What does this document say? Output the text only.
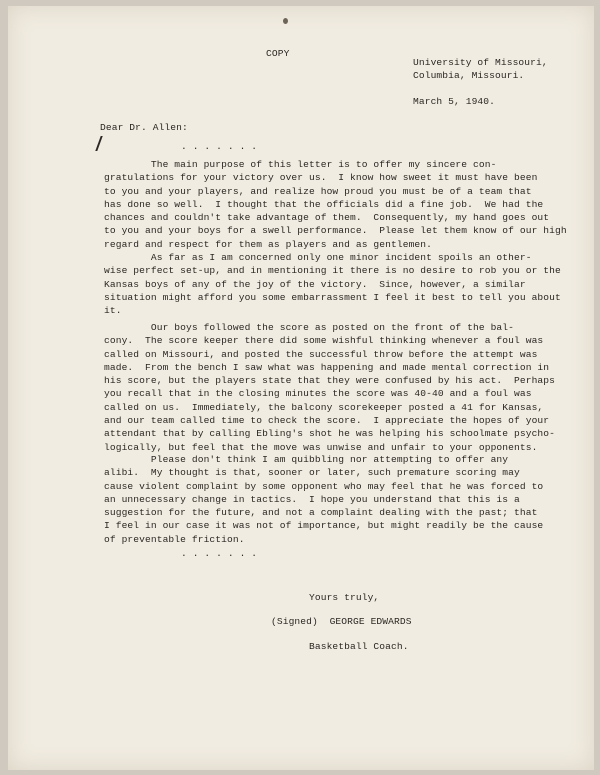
COPY

University of Missouri,

Columbia, Missouri.

March 5, 1940.

Dear Dr. Allen:

. . . . . . .

The main purpose of this letter is to offer my sincere con-
gratulations for your victory over us.  I know how sweet it must have been
to you and your players, and realize how proud you must be of a team that
has done so well.  I thought that the officials did a fine job.  We had the
chances and couldn't take advantage of them.  Consequently, my hand goes out
to you and your boys for a swell performance.  Please let them know of our high
regard and respect for them as players and as gentlemen.

As far as I am concerned only one minor incident spoils an other-
wise perfect set-up, and in mentioning it there is no desire to rob you or the
Kansas boys of any of the joy of the victory.  Since, however, a similar
situation might afford you some embarrassment I feel it best to tell you about
it.

Our boys followed the score as posted on the front of the bal-
cony.  The score keeper there did some wishful thinking whenever a foul was
called on Missouri, and posted the successful throw before the attempt was
made.  From the bench I saw what was happening and made mental correction in
his score, but the players state that they were confused by his act.  Perhaps
you recall that in the closing minutes the score was 40-40 and a foul was
called on us.  Immediately, the balcony scorekeeper posted a 41 for Kansas,
and our team called time to check the score.  I appreciate the hopes of your
attendant that by calling Ebling's shot he was helping his schoolmate psycho-
logically, but feel that the move was unwise and unfair to your opponents.

Please don't think I am quibbling nor attempting to offer any
alibi.  My thought is that, sooner or later, such premature scoring may
cause violent complaint by some opponent who may feel that he was forced to
an unnecessary change in tactics.  I hope you understand that this is a
suggestion for the future, and not a complaint dealing with the past; that
I feel in our case it was not of importance, but might readily be the cause
of preventable friction.

. . . . . . .

Yours truly,

(Signed)  GEORGE EDWARDS

Basketball Coach.
